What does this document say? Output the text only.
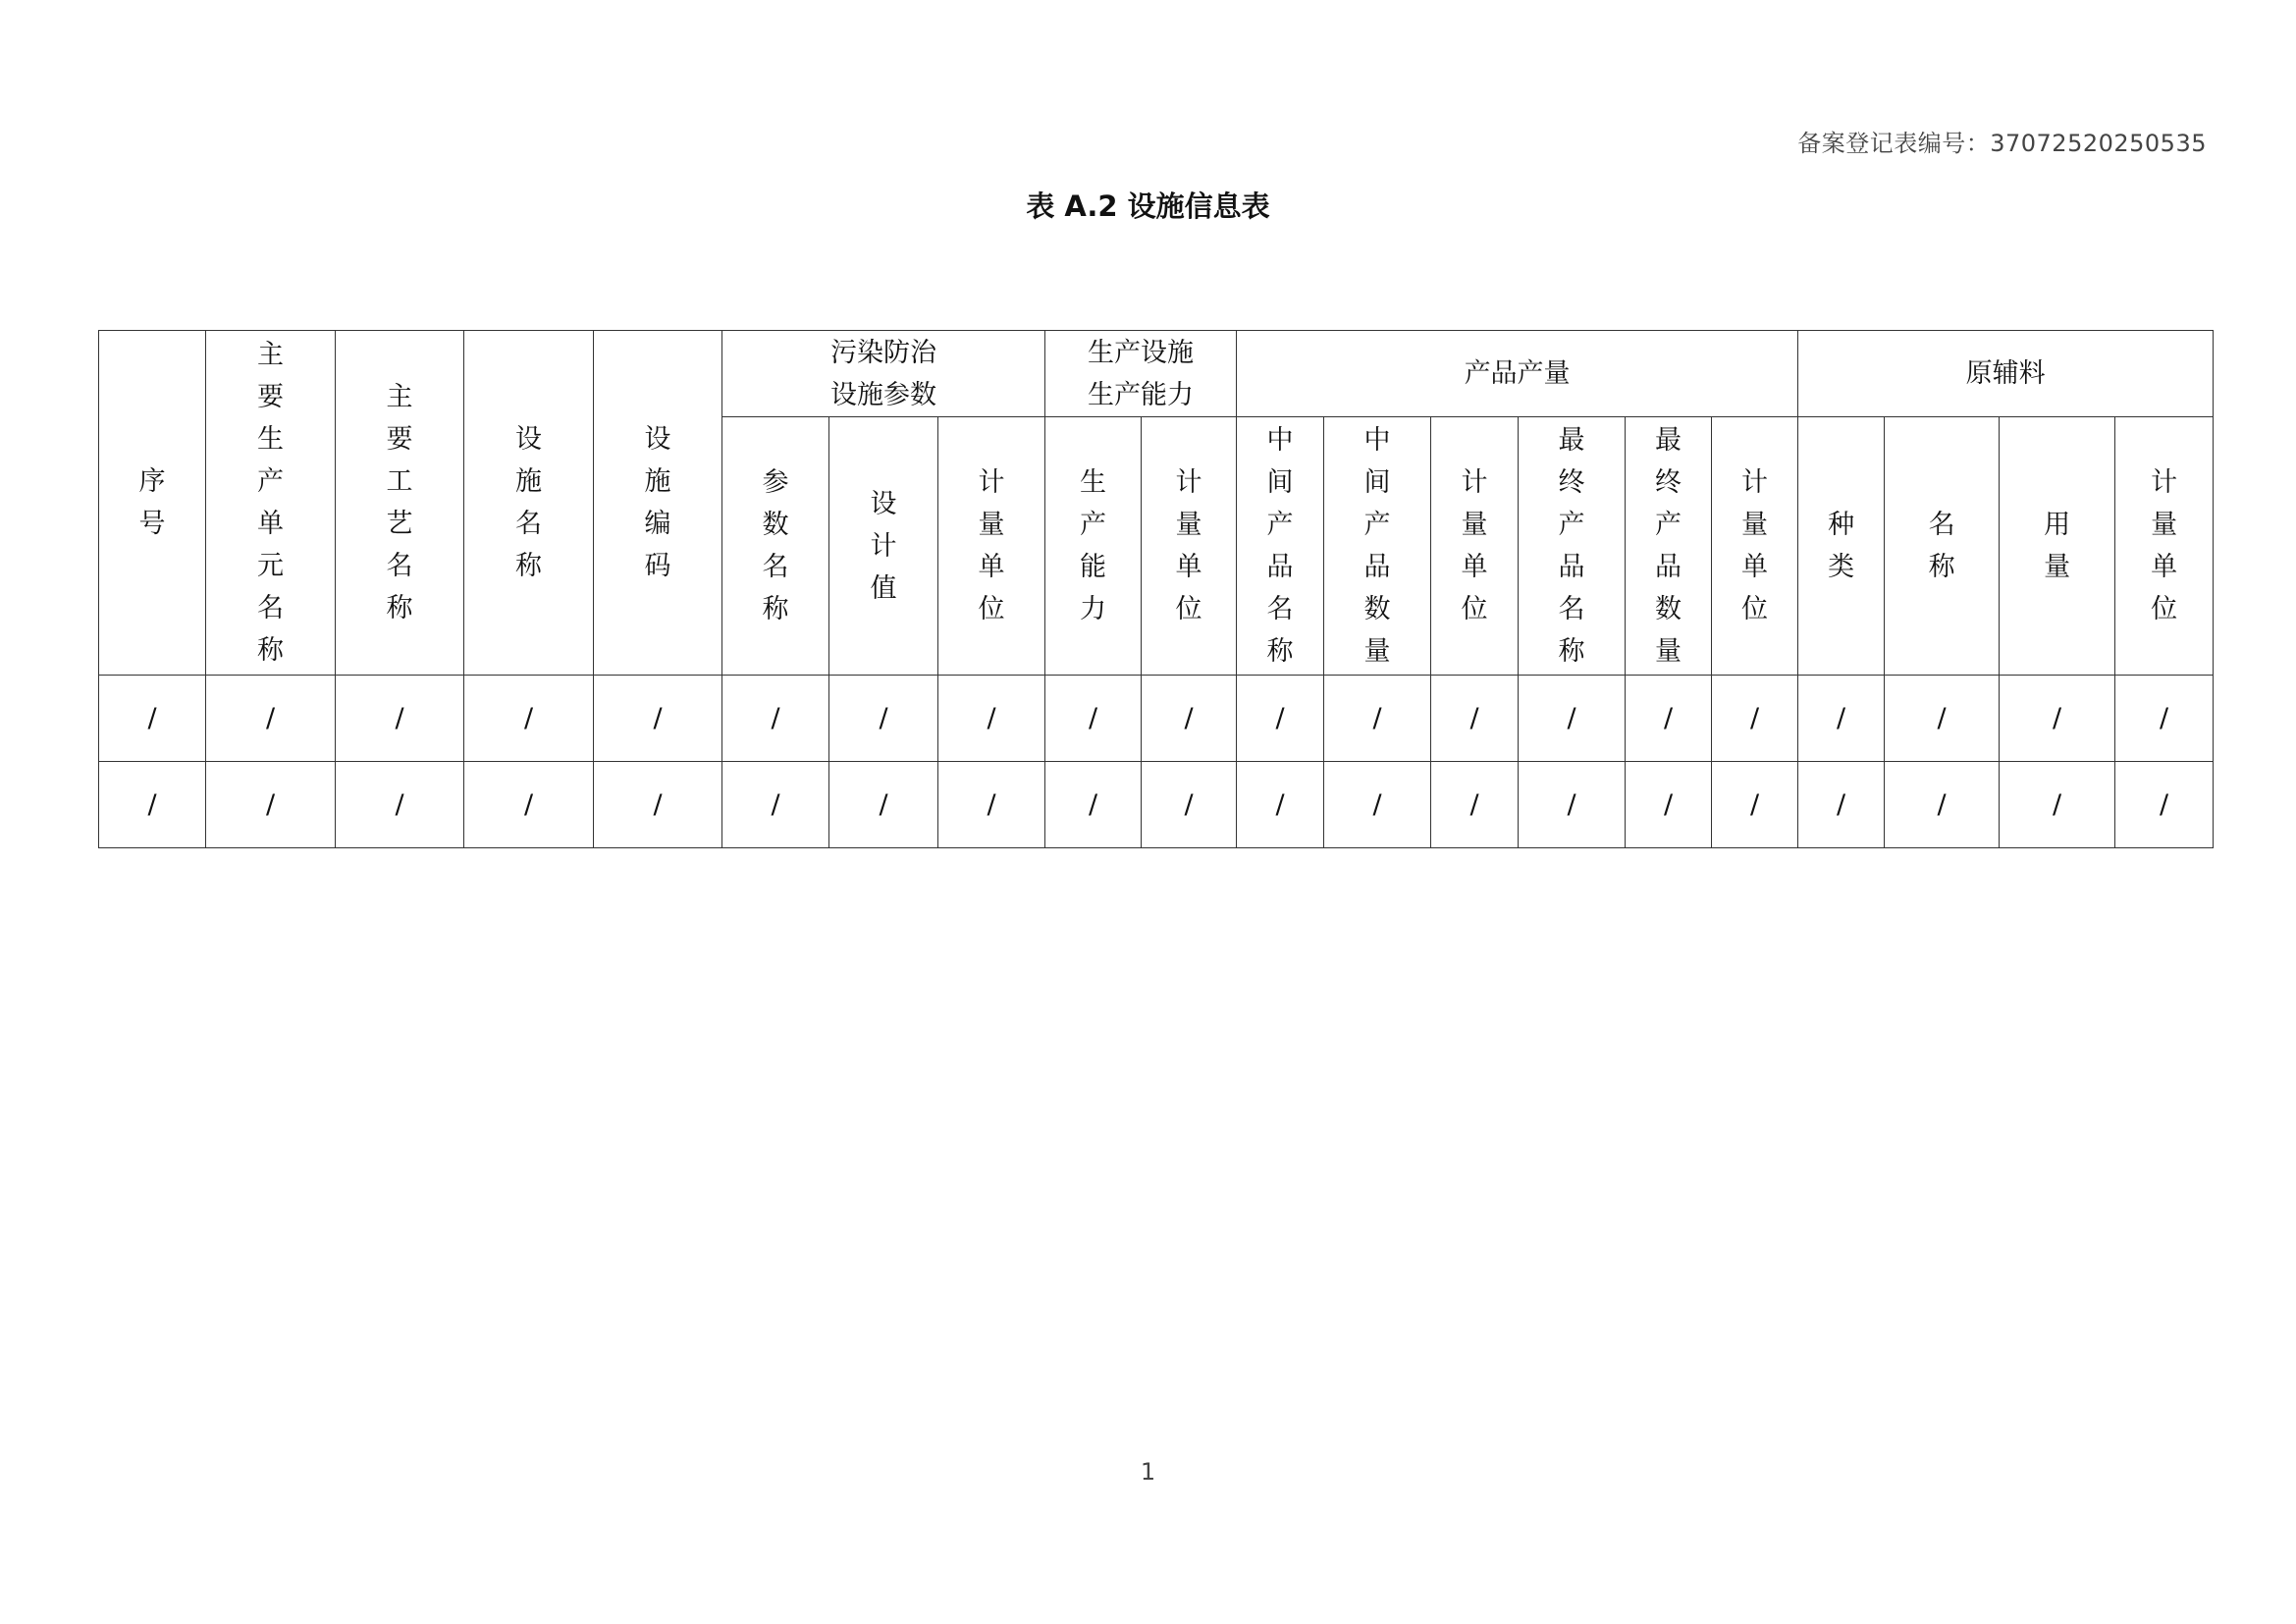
备案登记表编号：37072520250535
表 A.2 设施信息表
序号	主要生产单元名称	主要工艺名称	设施名称	设施编码	污染防治设施参数			生产设施生产能力		产品产量						原辅料			

					参数名称	设计值	计量单位	生产能力	计量单位	中间产品名称	中间产品数量	计量单位	最终产品名称	最终产品数量	计量单位	种类	名称	用量	计量单位
/	/	/	/	/	/	/	/	/	/	/	/	/	/	/	/	/	/	/	/
/	/	/	/	/	/	/	/	/	/	/	/	/	/	/	/	/	/	/	/
1
